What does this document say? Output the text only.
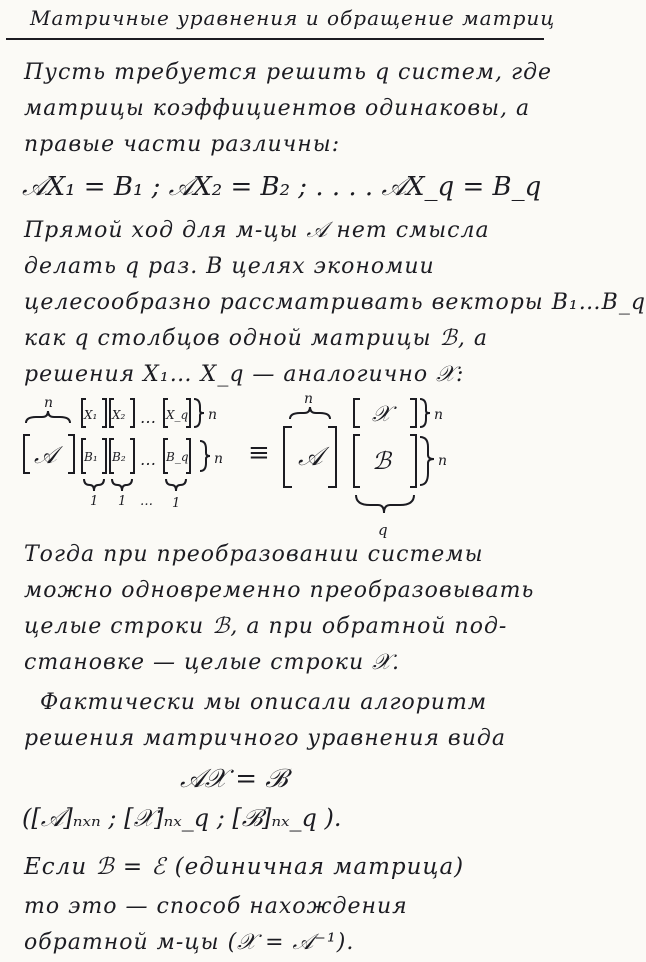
Матричные уравнения и обращение матриц
Пусть требуется решить q систем, где
матрицы коэффициентов одинаковы, а
правые части различны:
𝒜X₁ = B₁ ; 𝒜X₂ = B₂ ; . . . . 𝒜X_q = B_q
Прямой ход для м-цы 𝒜 нет смысла
делать q раз. В целях экономии
целесообразно рассматривать векторы B₁…B_q
как q столбцов одной матрицы ℬ, а
решения X₁… X_q — аналогично 𝒳:
n
𝒜
X₁ X₂ … X_q n
B₁ B₂ … B_q n
1 1 … 1
≡
n
𝒜
𝒳	n
ℬ	n
q
Тогда при преобразовании системы
можно одновременно преобразовывать
целые строки ℬ, а при обратной под-
становке — целые строки 𝒳.
Фактически мы описали алгоритм
решения матричного уравнения вида
𝒜𝒳 = ℬ
([𝒜]ₙₓₙ ; [𝒳]ₙₓ_q ; [ℬ]ₙₓ_q ).
Если ℬ = ℰ (единичная матрица)
то это — способ нахождения
обратной м-цы (𝒳 = 𝒜⁻¹).
